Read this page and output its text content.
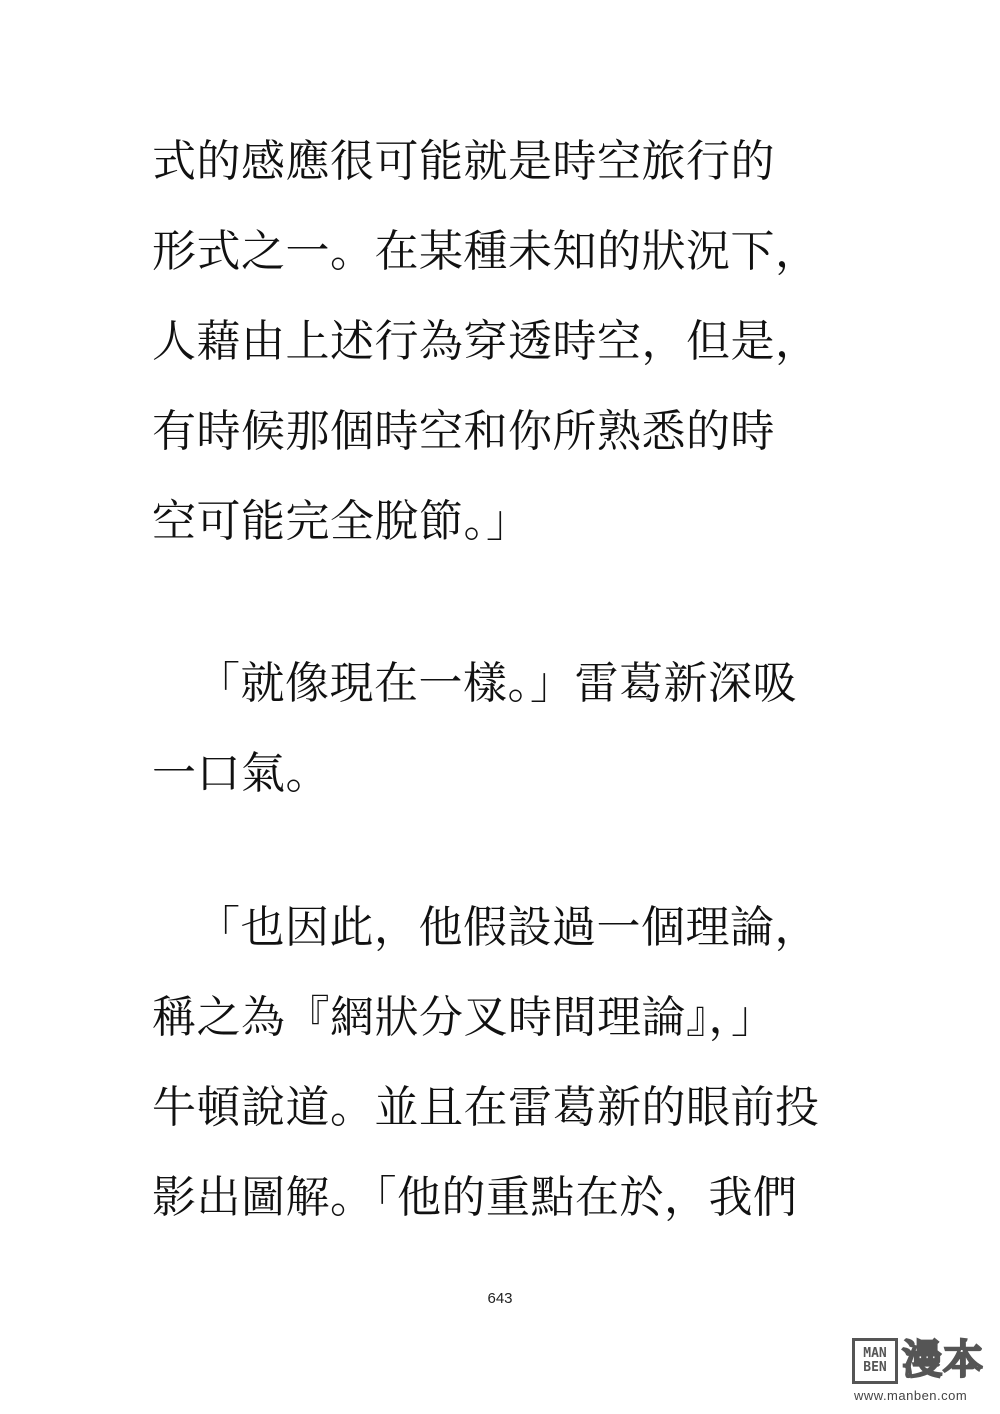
式的感應很可能就是時空旅行的
形式之一。在某種未知的狀況下，
人藉由上述行為穿透時空，但是，
有時候那個時空和你所熟悉的時
空可能完全脫節。」
「就像現在一樣。」雷葛新深吸
一口氣。
「也因此，他假設過一個理論，
稱之為『網狀分叉時間理論』，」
牛頓說道。並且在雷葛新的眼前投
影出圖解。「他的重點在於，我們
643
MAN
BEN 漫本
www.manben.com
